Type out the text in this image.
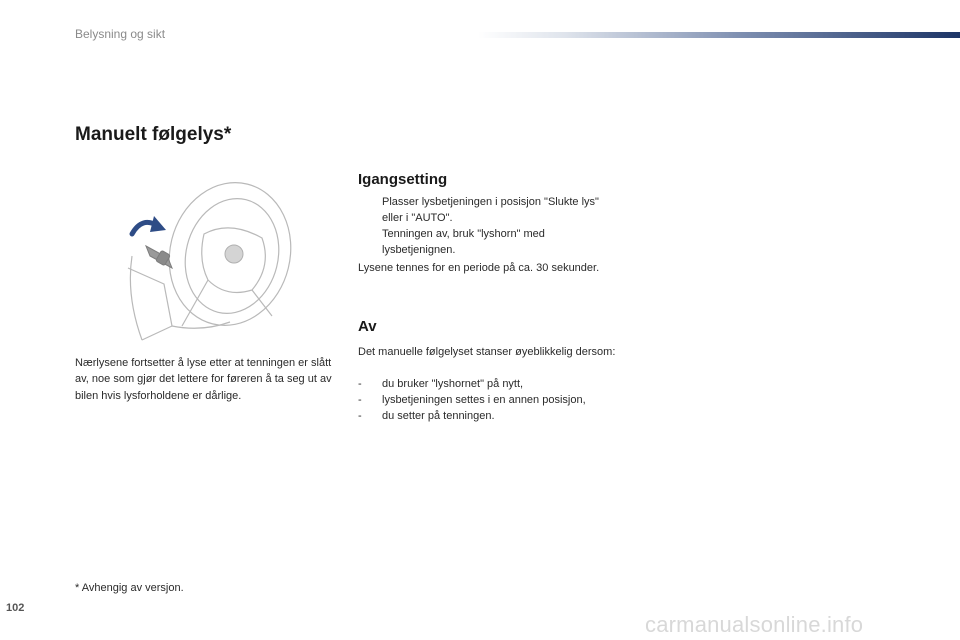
Belysning og sikt
Manuelt følgelys*

Nærlysene fortsetter å lyse etter at tenningen er slått av, noe som gjør det lettere for føreren å ta seg ut av bilen hvis lysforholdene er dårlige.

Igangsetting
Plasser lysbetjeningen i posisjon "Slukte lys" eller i "AUTO".
Tenningen av, bruk "lyshorn" med lysbetjenignen.

Lysene tennes for en periode på ca. 30 sekunder.

Av

Det manuelle følgelyset stanser øyeblikkelig dersom:

- du bruker "lyshornet" på nytt,
- lysbetjeningen settes i en annen posisjon,
- du setter på tenningen.
* Avhengig av versjon.
102
carmanualsonline.info
